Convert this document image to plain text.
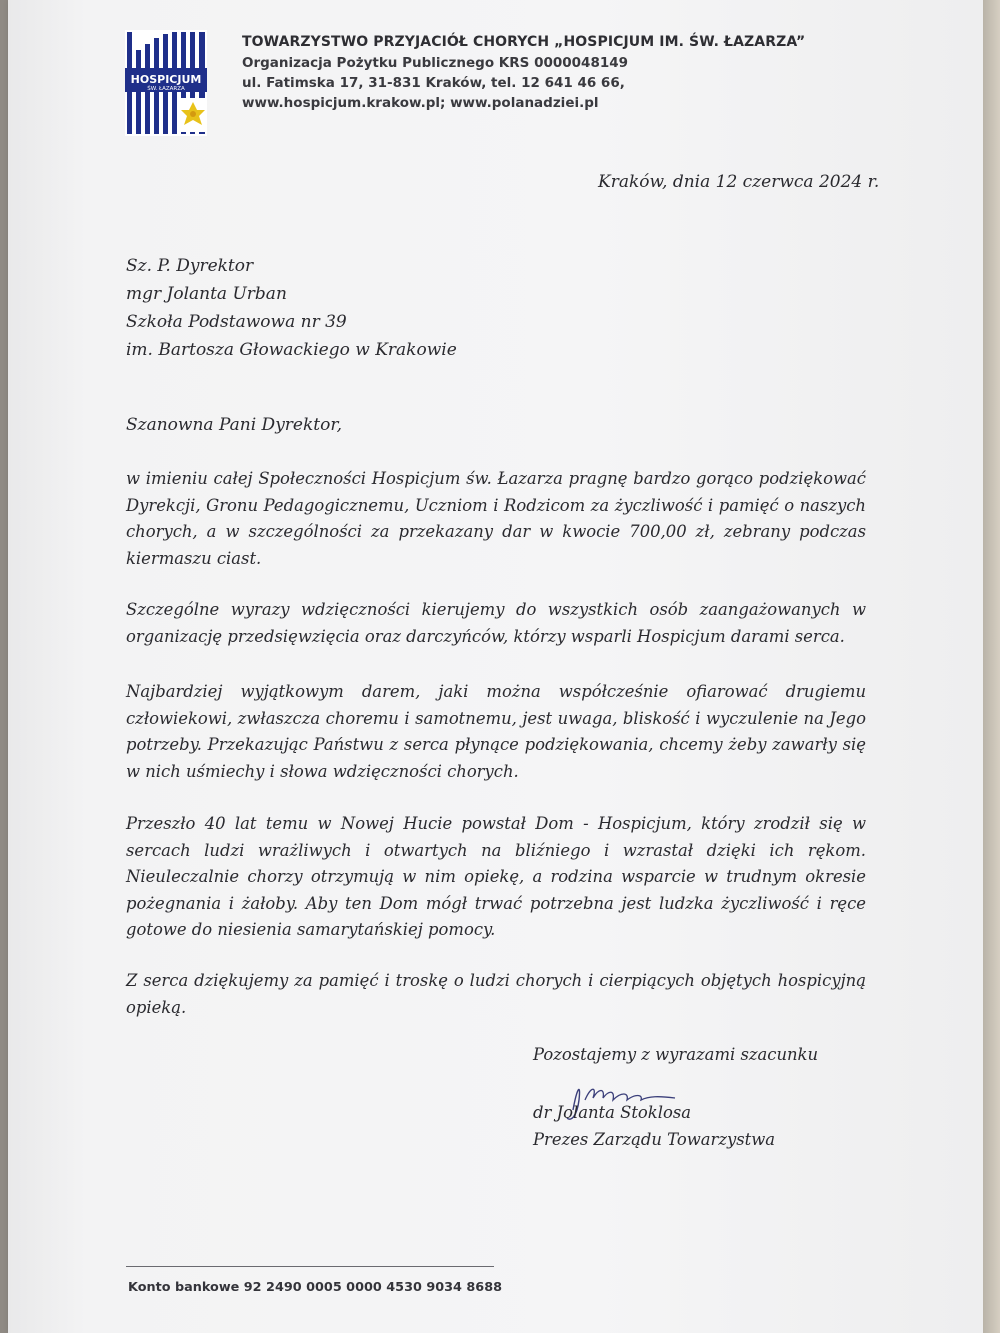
HOSPICJUM
ŚW. ŁAZARZA
TOWARZYSTWO PRZYJACIÓŁ CHORYCH „HOSPICJUM IM. ŚW. ŁAZARZA”
Organizacja Pożytku Publicznego KRS 0000048149
ul. Fatimska 17, 31-831 Kraków, tel. 12 641 46 66,
www.hospicjum.krakow.pl; www.polanadziei.pl
Kraków, dnia 12 czerwca 2024 r.
Sz. P. Dyrektor
mgr Jolanta Urban
Szkoła Podstawowa nr 39
im. Bartosza Głowackiego w Krakowie
Szanowna Pani Dyrektor,
w imieniu całej Społeczności Hospicjum św. Łazarza pragnę bardzo gorąco podziękować Dyrekcji, Gronu Pedagogicznemu, Uczniom i Rodzicom za życzliwość i pamięć o naszych chorych, a w szczególności za przekazany dar w kwocie 700,00 zł, zebrany podczas kiermaszu ciast.
Szczególne wyrazy wdzięczności kierujemy do wszystkich osób zaangażowanych w organizację przedsięwzięcia oraz darczyńców, którzy wsparli Hospicjum darami serca.
Najbardziej wyjątkowym darem, jaki można współcześnie ofiarować drugiemu człowiekowi, zwłaszcza choremu i samotnemu, jest uwaga, bliskość i wyczulenie na Jego potrzeby. Przekazując Państwu z serca płynące podziękowania, chcemy żeby zawarły się w nich uśmiechy i słowa wdzięczności chorych.
Przeszło 40 lat temu w Nowej Hucie powstał Dom - Hospicjum, który zrodził się w sercach ludzi wrażliwych i otwartych na bliźniego i wzrastał dzięki ich rękom. Nieuleczalnie chorzy otrzymują w nim opiekę, a rodzina wsparcie w trudnym okresie pożegnania i żałoby. Aby ten Dom mógł trwać potrzebna jest ludzka życzliwość i ręce gotowe do niesienia samarytańskiej pomocy.
Z serca dziękujemy za pamięć i troskę o ludzi chorych i cierpiących objętych hospicyjną opieką.
Pozostajemy z wyrazami szacunku
dr Jolanta Stoklosa
Prezes Zarządu Towarzystwa
Konto bankowe 92 2490 0005 0000 4530 9034 8688
